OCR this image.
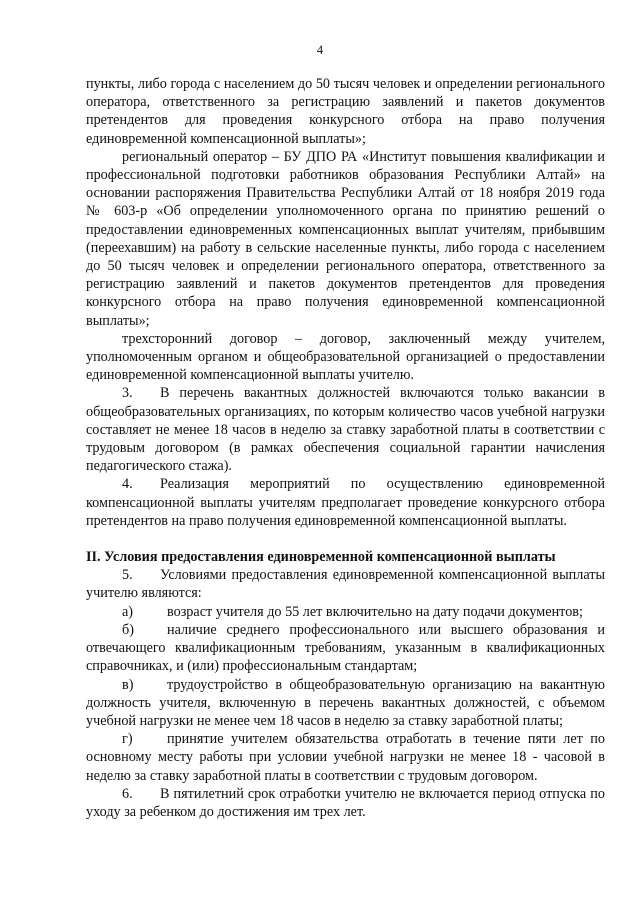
4

пункты, либо города с населением до 50 тысяч человек и определении регионального оператора, ответственного за регистрацию заявлений и пакетов документов претендентов для проведения конкурсного отбора на право получения единовременной компенсационной выплаты»;

региональный оператор – БУ ДПО РА «Институт повышения квалификации и профессиональной подготовки работников образования Республики Алтай» на основании распоряжения Правительства Республики Алтай от 18 ноября 2019 года № 603-р «Об определении уполномоченного органа по принятию решений о предоставлении единовременных компенсационных выплат учителям, прибывшим (переехавшим) на работу в сельские населенные пункты, либо города с населением до 50 тысяч человек и определении регионального оператора, ответственного за регистрацию заявлений и пакетов документов претендентов для проведения конкурсного отбора на право получения единовременной компенсационной выплаты»;

трехсторонний договор – договор, заключенный между учителем, уполномоченным органом и общеобразовательной организацией о предоставлении единовременной компенсационной выплаты учителю.

3. В перечень вакантных должностей включаются только вакансии в общеобразовательных организациях, по которым количество часов учебной нагрузки составляет не менее 18 часов в неделю за ставку заработной платы в соответствии с трудовым договором (в рамках обеспечения социальной гарантии начисления педагогического стажа).

4. Реализация мероприятий по осуществлению единовременной компенсационной выплаты учителям предполагает проведение конкурсного отбора претендентов на право получения единовременной компенсационной выплаты.

II. Условия предоставления единовременной компенсационной выплаты

5. Условиями предоставления единовременной компенсационной выплаты учителю являются:

а) возраст учителя до 55 лет включительно на дату подачи документов;

б) наличие среднего профессионального или высшего образования и отвечающего квалификационным требованиям, указанным в квалификационных справочниках, и (или) профессиональным стандартам;

в) трудоустройство в общеобразовательную организацию на вакантную должность учителя, включенную в перечень вакантных должностей, с объемом учебной нагрузки не менее чем 18 часов в неделю за ставку заработной платы;

г) принятие учителем обязательства отработать в течение пяти лет по основному месту работы при условии учебной нагрузки не менее 18 - часовой в неделю за ставку заработной платы в соответствии с трудовым договором.

6. В пятилетний срок отработки учителю не включается период отпуска по уходу за ребенком до достижения им трех лет.
